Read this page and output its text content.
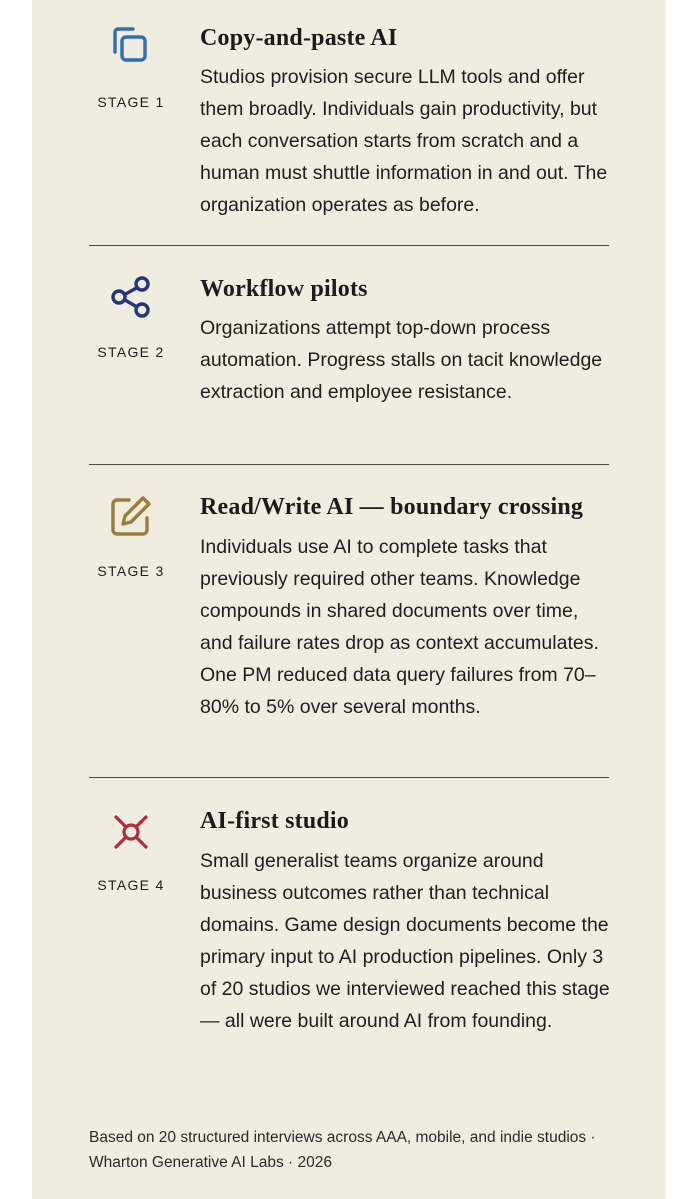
STAGE 1
Copy-and-paste AI
Studios provision secure LLM tools and offer them broadly. Individuals gain productivity, but each conversation starts from scratch and a human must shuttle information in and out. The organization operates as before.
STAGE 2
Workflow pilots
Organizations attempt top-down process automation. Progress stalls on tacit knowledge extraction and employee resistance.
STAGE 3
Read/Write AI — boundary crossing
Individuals use AI to complete tasks that previously required other teams. Knowledge compounds in shared documents over time, and failure rates drop as context accumulates. One PM reduced data query failures from 70–80% to 5% over several months.
STAGE 4
AI-first studio
Small generalist teams organize around business outcomes rather than technical domains. Game design documents become the primary input to AI production pipelines. Only 3 of 20 studios we interviewed reached this stage — all were built around AI from founding.
Based on 20 structured interviews across AAA, mobile, and indie studios · Wharton Generative AI Labs · 2026
